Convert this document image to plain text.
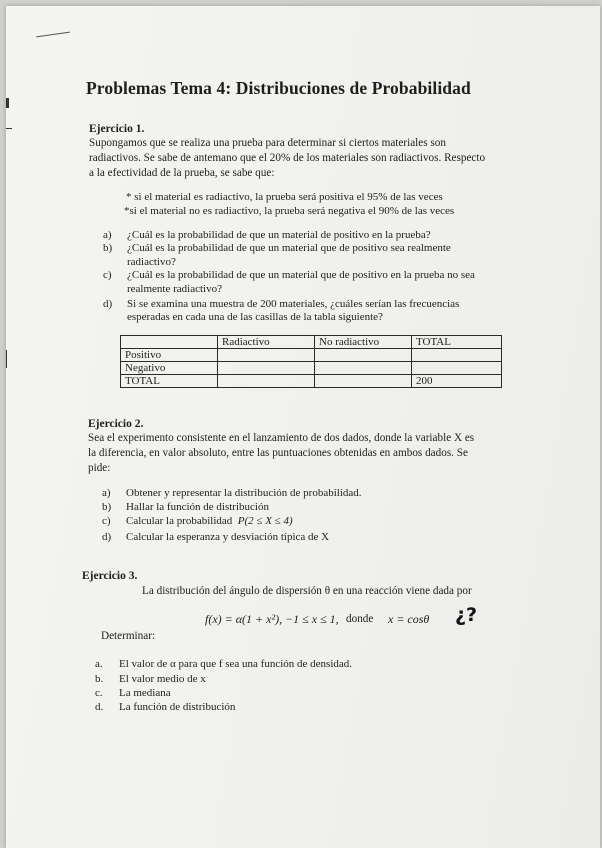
Problemas Tema 4: Distribuciones de Probabilidad
Ejercicio 1.
Supongamos que se realiza una prueba para determinar si ciertos materiales son
radiactivos. Se sabe de antemano que el 20% de los materiales son radiactivos. Respecto
a la efectividad de la prueba, se sabe que:
* si el material es radiactivo, la prueba será positiva el 95% de las veces
*si el material no es radiactivo, la prueba será negativa el 90% de las veces
a) ¿Cuál es la probabilidad de que un material de positivo en la prueba?
b) ¿Cuál es la probabilidad de que un material que de positivo sea realmente
radiactivo?
c) ¿Cuál es la probabilidad de que un material que de positivo en la prueba no sea
realmente radiactivo?
d) Si se examina una muestra de 200 materiales, ¿cuáles serían las frecuencias
esperadas en cada una de las casillas de la tabla siguiente?
	Radiactivo	No radiactivo	TOTAL
Positivo			
Negativo			
TOTAL			200
Ejercicio 2.
Sea el experimento consistente en el lanzamiento de dos dados, donde la variable X es
la diferencia, en valor absoluto, entre las puntuaciones obtenidas en ambos dados. Se
pide:
a) Obtener y representar la distribución de probabilidad.
b) Hallar la función de distribución
c) Calcular la probabilidad P(2 ≤ X ≤ 4)
d) Calcular la esperanza y desviación típica de X
Ejercicio 3.
La distribución del ángulo de dispersión θ en una reacción viene dada por
f(x) = α(1 + x²), −1 ≤ x ≤ 1, donde x = cosθ ¿?
Determinar:
a. El valor de α para que f sea una función de densidad.
b. El valor medio de x
c. La mediana
d. La función de distribución
